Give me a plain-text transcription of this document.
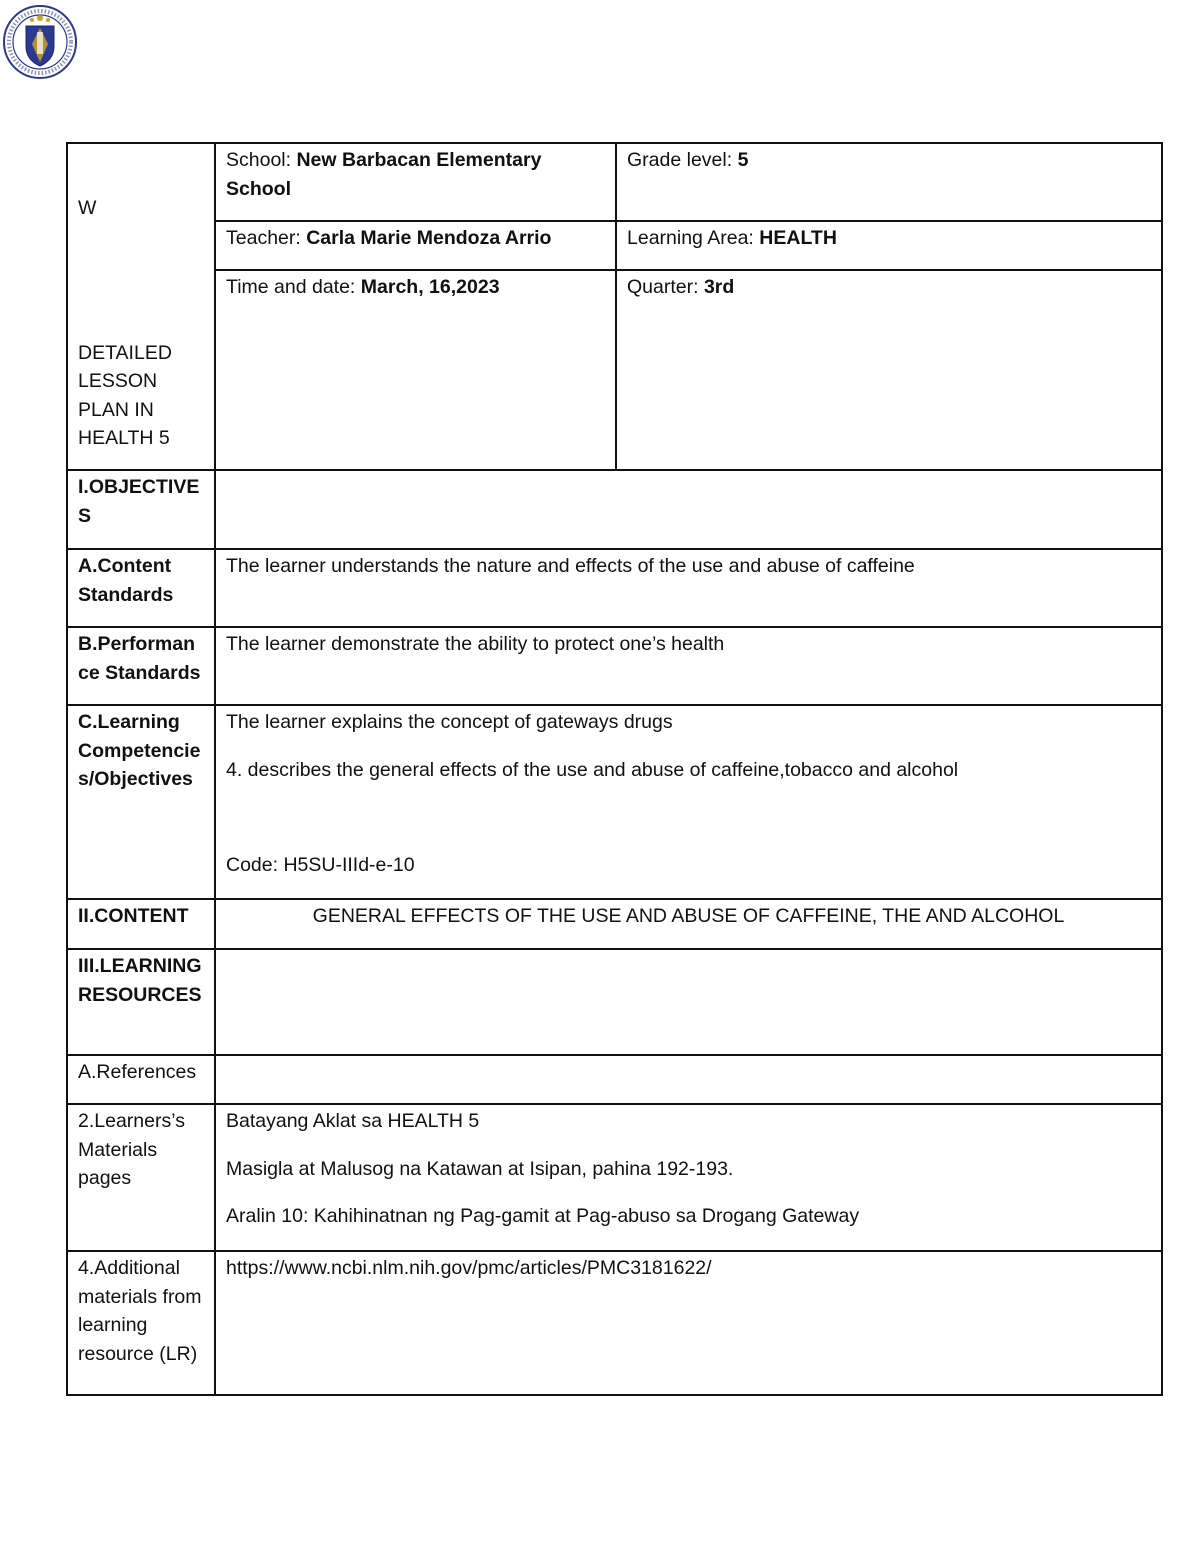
W
DETAILED LESSON PLAN IN HEALTH 5	School: New Barbacan Elementary School	Grade level: 5
	Teacher: Carla Marie Mendoza Arrio	Learning Area: HEALTH
	Time and date: March, 16,2023	Quarter: 3rd
I.OBJECTIVES		
A.Content Standards	The learner understands the nature and effects of the use and abuse of caffeine	
B.Performance Standards	The learner demonstrate the ability to protect one’s health	
C.Learning Competencies/Objectives	The learner explains the concept of gateways drugs

4. describes the general effects of the use and abuse of caffeine,tobacco and alcohol

Code: H5SU-IIId-e-10	

II.CONTENT	GENERAL EFFECTS OF THE USE AND ABUSE OF CAFFEINE, THE AND ALCOHOL	
III.LEARNING RESOURCES		
A.References		
2.Learners’s Materials pages	Batayang Aklat sa HEALTH 5

Masigla at Malusog na Katawan at Isipan, pahina 192-193.

Aralin 10: Kahihinatnan ng Pag-gamit at Pag-abuso sa Drogang Gateway	

4.Additional materials from learning resource (LR)	https://www.ncbi.nlm.nih.gov/pmc/articles/PMC3181622/	
